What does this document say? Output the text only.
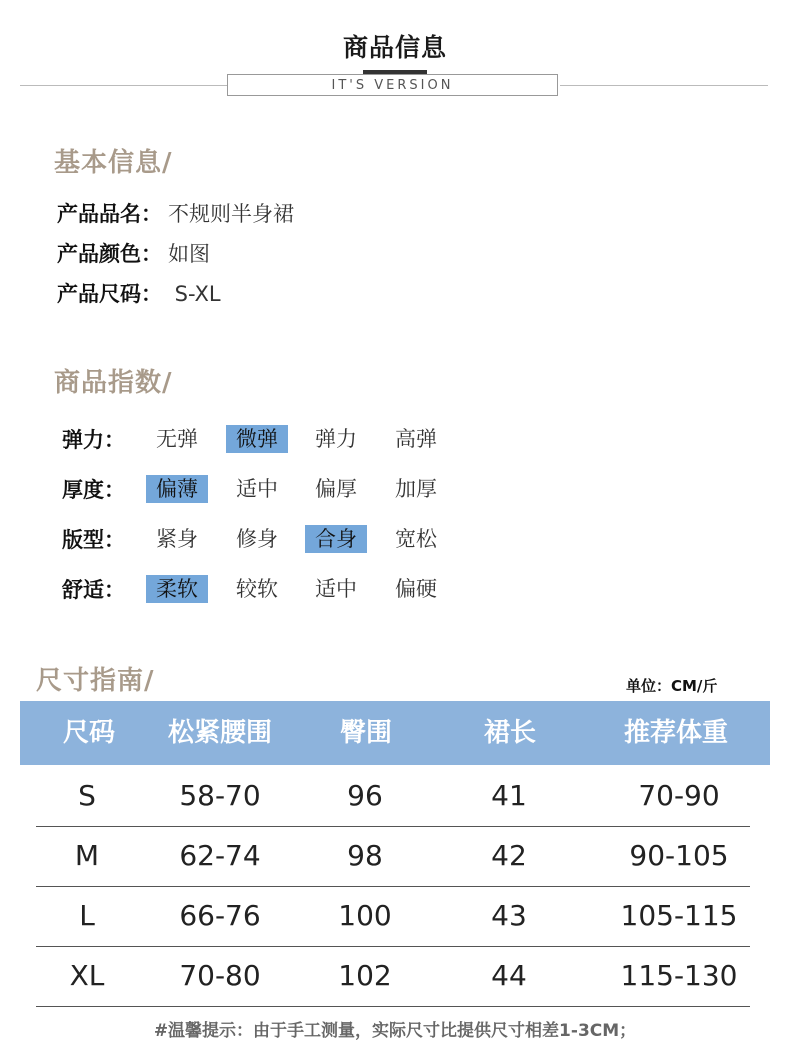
商品信息
IT'S VERSION
基本信息/
产品品名： 不规则半身裙
产品颜色： 如图
产品尺码： S-XL
商品指数/
弹力：	无弹	微弹	弹力	高弹
厚度：	偏薄	适中	偏厚	加厚
版型：	紧身	修身	合身	宽松
舒适：	柔软	较软	适中	偏硬
尺寸指南/	单位：CM/斤
尺码 松紧腰围	臀围	裙长	推荐体重
S	58-70	96	41	70-90
M	62-74	98	42	90-105
L	66-76	100	43	105-115
XL	70-80	102	44	115-130
#温馨提示：由于手工测量，实际尺寸比提供尺寸相差1-3CM；
